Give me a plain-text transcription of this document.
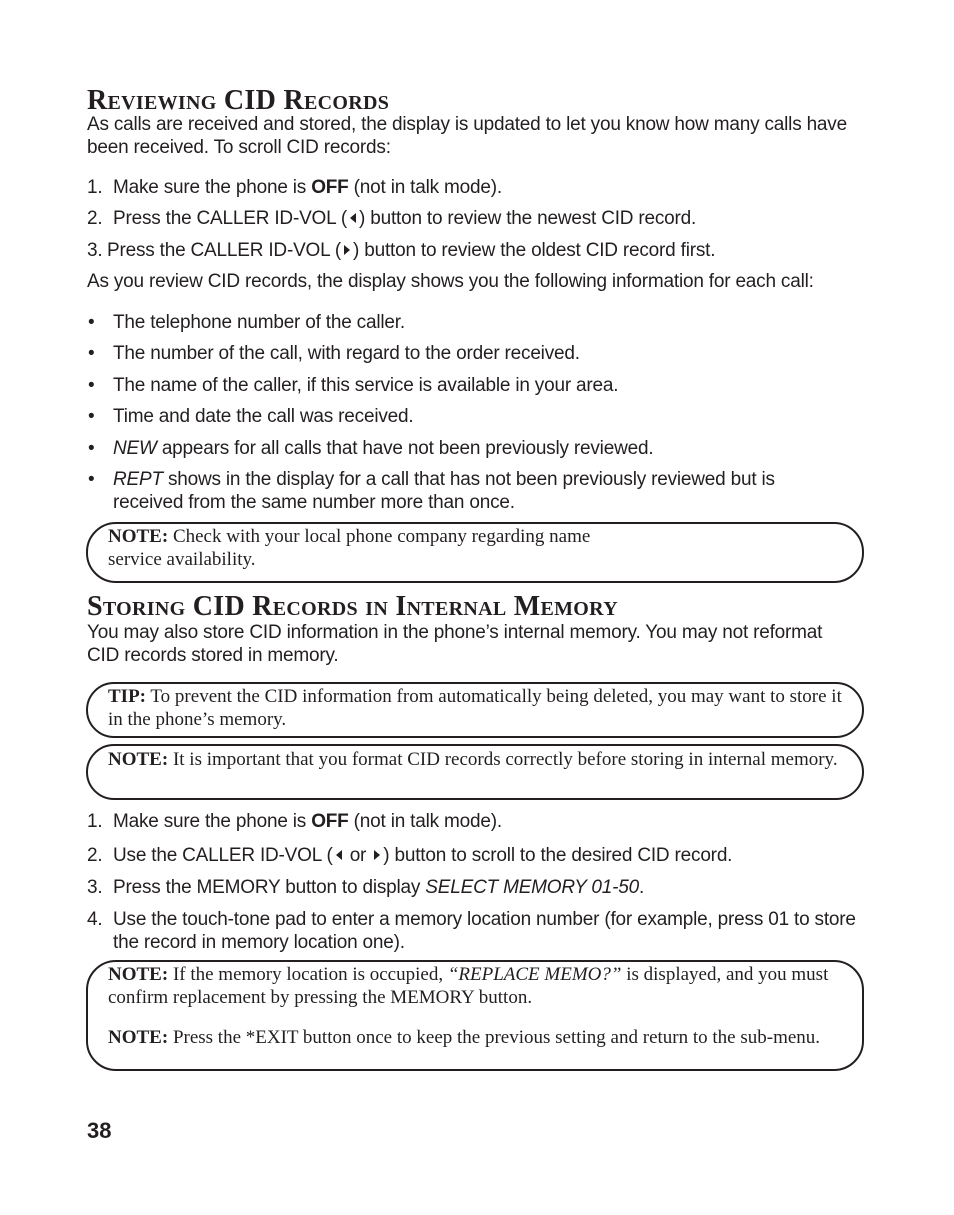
Reviewing CID Records
As calls are received and stored, the display is updated to let you know how many calls have been received. To scroll CID records:
1. Make sure the phone is OFF (not in talk mode).
2. Press the CALLER ID-VOL ( ) button to review the newest CID record.
3. Press the CALLER ID-VOL ( ) button to review the oldest CID record first.
As you review CID records, the display shows you the following information for each call:
• The telephone number of the caller.
• The number of the call, with regard to the order received.
• The name of the caller, if this service is available in your area.
• Time and date the call was received.
• NEW appears for all calls that have not been previously reviewed.
• REPT shows in the display for a call that has not been previously reviewed but is received from the same number more than once.
NOTE: Check with your local phone company regarding name
service availability.
Storing CID Records in Internal Memory
You may also store CID information in the phone’s internal memory. You may not reformat CID records stored in memory.
TIP: To prevent the CID information from automatically being deleted, you may want to store it in the phone’s memory.
NOTE: It is important that you format CID records correctly before storing in internal memory.
1. Make sure the phone is OFF (not in talk mode).
2. Use the CALLER ID-VOL ( or ) button to scroll to the desired CID record.
3. Press the MEMORY button to display SELECT MEMORY 01-50.
4. Use the touch-tone pad to enter a memory location number (for example, press 01 to store the record in memory location one).
NOTE: If the memory location is occupied, “REPLACE MEMO?” is displayed, and you must confirm replacement by pressing the MEMORY button.
NOTE: Press the *EXIT button once to keep the previous setting and return to the sub-menu.
38
